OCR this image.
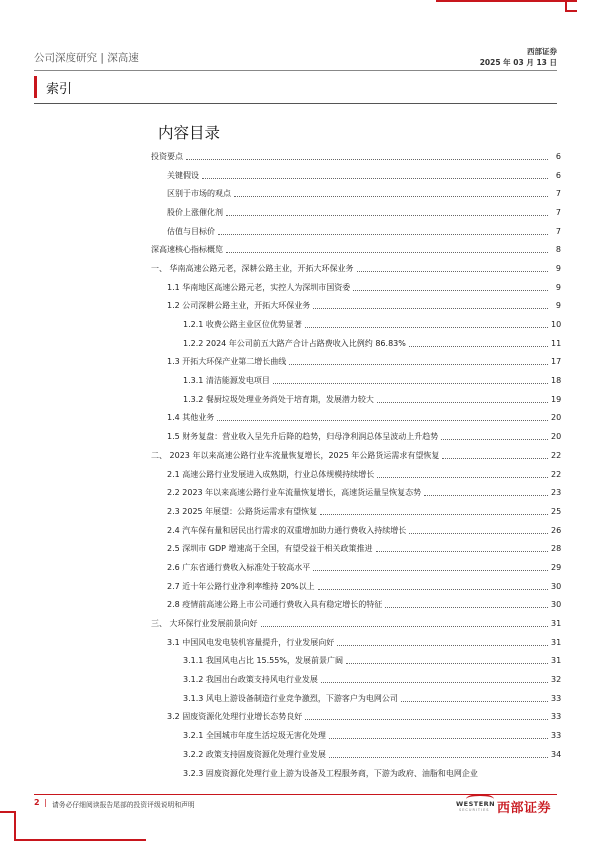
公司深度研究 | 深高速
西部证券
2025 年 03 月 13 日
索引
内容目录
投资要点	6
关键假设	6
区别于市场的观点	7
股价上涨催化剂	7
估值与目标价	7
深高速核心指标概览	8
一、 华南高速公路元老，深耕公路主业，开拓大环保业务	9
1.1 华南地区高速公路元老，实控人为深圳市国资委	9
1.2 公司深耕公路主业，开拓大环保业务	9
1.2.1 收费公路主业区位优势显著	10
1.2.2 2024 年公司前五大路产合计占路费收入比例约 86.83%	11
1.3 开拓大环保产业第二增长曲线	17
1.3.1 清洁能源发电项目	18
1.3.2 餐厨垃圾处理业务尚处于培育期，发展潜力较大	19
1.4 其他业务	20
1.5 财务复盘：营业收入呈先升后降的趋势，归母净利润总体呈波动上升趋势	20
二、 2023 年以来高速公路行业车流量恢复增长，2025 年公路货运需求有望恢复	22
2.1 高速公路行业发展进入成熟期，行业总体规模持续增长	22
2.2 2023 年以来高速公路行业车流量恢复增长，高速货运量呈恢复态势	23
2.3 2025 年展望：公路货运需求有望恢复	25
2.4 汽车保有量和居民出行需求的双重增加助力通行费收入持续增长	26
2.5 深圳市 GDP 增速高于全国，有望受益于相关政策推进	28
2.6 广东省通行费收入标准处于较高水平	29
2.7 近十年公路行业净利率维持 20%以上	30
2.8 疫情前高速公路上市公司通行费收入具有稳定增长的特征	30
三、 大环保行业发展前景向好	31
3.1 中国风电发电装机容量提升，行业发展向好	31
3.1.1 我国风电占比 15.55%，发展前景广阔	31
3.1.2 我国出台政策支持风电行业发展	32
3.1.3 风电上游设备制造行业竞争激烈，下游客户为电网公司	33
3.2 固废资源化处理行业增长态势良好	33
3.2.1 全国城市年度生活垃圾无害化处理	33
3.2.2 政策支持固废资源化处理行业发展	34
3.2.3 固废资源化处理行业上游为设备及工程服务商，下游为政府、油脂和电网企业
2 | 请务必仔细阅读报告尾部的投资评级说明和声明	WESTERN
SECURITIES 西部证券
